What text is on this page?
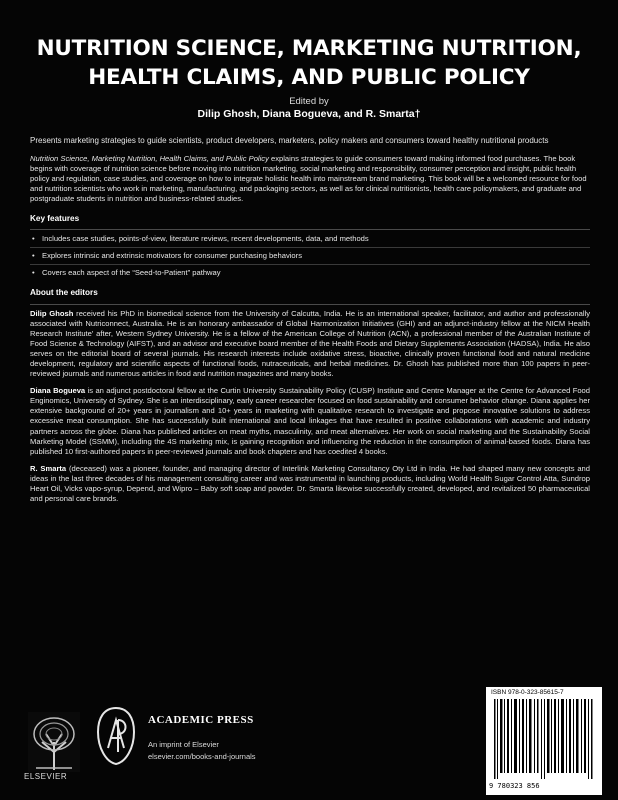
NUTRITION SCIENCE, MARKETING NUTRITION,
HEALTH CLAIMS, AND PUBLIC POLICY
Edited by
Dilip Ghosh, Diana Bogueva, and R. Smarta†

Presents marketing strategies to guide scientists, product developers, marketers, policy makers and consumers toward healthy nutritional products

Nutrition Science, Marketing Nutrition, Health Claims, and Public Policy explains strategies to guide consumers toward making informed food purchases. The book begins with coverage of nutrition science before moving into nutrition marketing, social marketing and responsibility, consumer perception and insight, public health policy and regulation, case studies, and coverage on how to integrate holistic health into mainstream brand marketing. This book will be a welcomed resource for food and nutrition scientists who work in marketing, manufacturing, and packaging sectors, as well as for clinical nutritionists, health care policymakers, and graduate and postgraduate students in nutrition and business-related studies.

Key features
• Includes case studies, points-of-view, literature reviews, recent developments, data, and methods
• Explores intrinsic and extrinsic motivators for consumer purchasing behaviors
• Covers each aspect of the “Seed-to-Patient” pathway
About the editors

Dilip Ghosh received his PhD in biomedical science from the University of Calcutta, India. He is an international speaker, facilitator, and author and professionally associated with Nutriconnect, Australia. He is an honorary ambassador of Global Harmonization Initiatives (GHI) and an adjunct-industry fellow at the NICM Health Research Institute' after, Western Sydney University. He is a fellow of the American College of Nutrition (ACN), a professional member of the Australian Institute of Food Science & Technology (AIFST), and an advisor and executive board member of the Health Foods and Dietary Supplements Association (HADSA), India. He also serves on the editorial board of several journals. His research interests include oxidative stress, bioactive, clinically proven functional food and natural medicine development, regulatory and scientific aspects of functional foods, nutraceuticals, and herbal medicines. Dr. Ghosh has published more than 100 papers in peer-reviewed journals and numerous articles in food and nutrition magazines and many books.

Diana Bogueva is an adjunct postdoctoral fellow at the Curtin University Sustainability Policy (CUSP) Institute and Centre Manager at the Centre for Advanced Food Enginomics, University of Sydney. She is an interdisciplinary, early career researcher focused on food sustainability and consumer behavior change. Diana applies her extensive background of 20+ years in journalism and 10+ years in marketing with qualitative research to investigate and propose innovative solutions to address excessive meat consumption. She has successfully built international and local linkages that have resulted in positive collaborations with academic and industry partners across the globe. Diana has published articles on meat myths, masculinity, and meat alternatives. Her work on social marketing and the Sustainability Social Marketing Model (SSMM), including the 4S marketing mix, is gaining recognition and influencing the reduction in the consumption of animal-based foods. Diana has published 10 first-authored papers in peer-reviewed journals and book chapters and has coedited 4 books.

R. Smarta (deceased) was a pioneer, founder, and managing director of Interlink Marketing Consultancy Oty Ltd in India. He had shaped many new concepts and ideas in the last three decades of his management consulting career and was instrumental in launching products, including World Health Sugar Control Atta, Sundrop Heart Oil, Vicks vapo-syrup, Depend, and Wipro – Baby soft soap and powder. Dr. Smarta likewise successfully created, developed, and revitalized 50 pharmaceutical and personal care brands.

ELSEVIER
ACADEMIC PRESS
An imprint of Elsevier
elsevier.com/books-and-journals
ISBN 978-0-323-85615-7
9 780323 856
